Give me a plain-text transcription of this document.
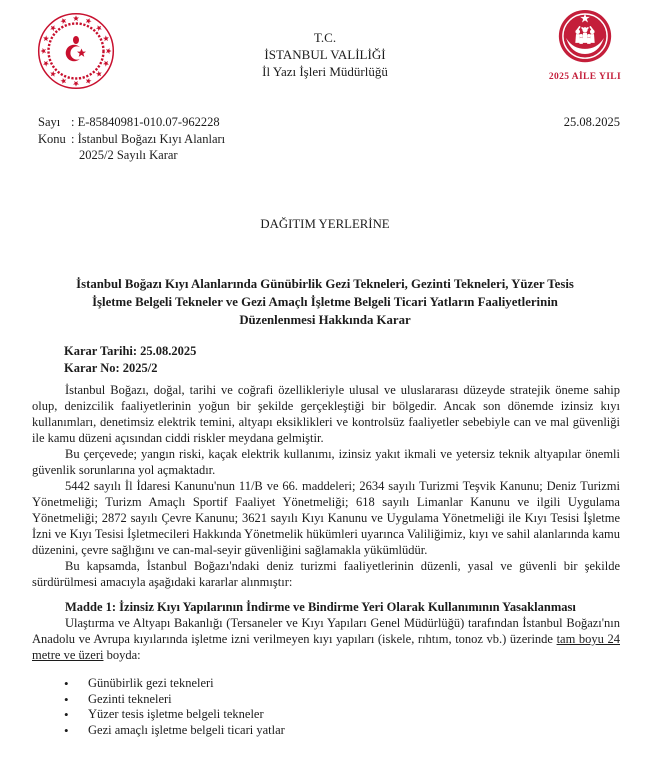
T.C.
İSTANBUL VALİLİĞİ
İl Yazı İşleri Müdürlüğü	2025 AİLE YILI
Sayı : E-85840981-010.07-962228
Konu : İstanbul Boğazı Kıyı Alanları
2025/2 Sayılı Karar
25.08.2025
DAĞITIM YERLERİNE
İstanbul Boğazı Kıyı Alanlarında Günübirlik Gezi Tekneleri, Gezinti Tekneleri, Yüzer Tesis İşletme Belgeli Tekneler ve Gezi Amaçlı İşletme Belgeli Ticari Yatların Faaliyetlerinin Düzenlenmesi Hakkında Karar
Karar Tarihi: 25.08.2025
Karar No: 2025/2

İstanbul Boğazı, doğal, tarihi ve coğrafi özellikleriyle ulusal ve uluslararası düzeyde stratejik öneme sahip olup, denizcilik faaliyetlerinin yoğun bir şekilde gerçekleştiği bir bölgedir. Ancak son dönemde izinsiz kıyı kullanımları, denetimsiz elektrik temini, altyapı eksiklikleri ve kontrolsüz faaliyetler sebebiyle can ve mal güvenliği ile kamu düzeni açısından ciddi riskler meydana gelmiştir.

Bu çerçevede; yangın riski, kaçak elektrik kullanımı, izinsiz yakıt ikmali ve yetersiz teknik altyapılar önemli güvenlik sorunlarına yol açmaktadır.

5442 sayılı İl İdaresi Kanunu'nun 11/B ve 66. maddeleri; 2634 sayılı Turizmi Teşvik Kanunu; Deniz Turizmi Yönetmeliği; Turizm Amaçlı Sportif Faaliyet Yönetmeliği; 618 sayılı Limanlar Kanunu ve ilgili Uygulama Yönetmeliği; 2872 sayılı Çevre Kanunu; 3621 sayılı Kıyı Kanunu ve Uygulama Yönetmeliği ile Kıyı Tesisi İşletme İzni ve Kıyı Tesisi İşletmecileri Hakkında Yönetmelik hükümleri uyarınca Valiliğimiz, kıyı ve sahil alanlarında kamu düzenini, çevre sağlığını ve can-mal-seyir güvenliğini sağlamakla yükümlüdür.

Bu kapsamda, İstanbul Boğazı'ndaki deniz turizmi faaliyetlerinin düzenli, yasal ve güvenli bir şekilde sürdürülmesi amacıyla aşağıdaki kararlar alınmıştır:

Madde 1: İzinsiz Kıyı Yapılarının İndirme ve Bindirme Yeri Olarak Kullanımının Yasaklanması

Ulaştırma ve Altyapı Bakanlığı (Tersaneler ve Kıyı Yapıları Genel Müdürlüğü) tarafından İstanbul Boğazı'nın Anadolu ve Avrupa kıyılarında işletme izni verilmeyen kıyı yapıları (iskele, rıhtım, tonoz vb.) üzerinde tam boyu 24 metre ve üzeri boyda:

• Günübirlik gezi tekneleri
• Gezinti tekneleri
• Yüzer tesis işletme belgeli tekneler
• Gezi amaçlı işletme belgeli ticari yatlar
